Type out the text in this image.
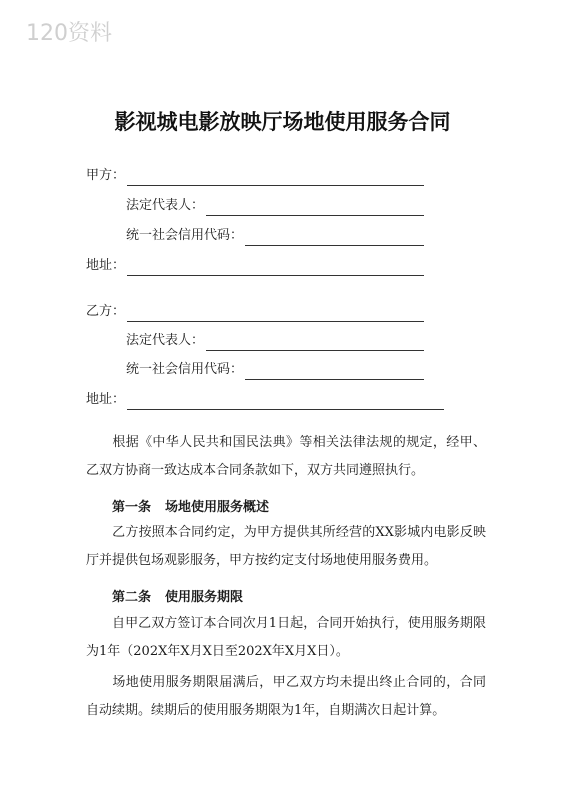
120资料
影视城电影放映厅场地使用服务合同
甲方：
法定代表人：
统一社会信用代码：
地址：
乙方：
法定代表人：
统一社会信用代码：
地址：
根据《中华人民共和国民法典》等相关法律法规的规定，经甲、乙双方协商一致达成本合同条款如下，双方共同遵照执行。
第一条 场地使用服务概述
乙方按照本合同约定，为甲方提供其所经营的XX影城内电影反映厅并提供包场观影服务，甲方按约定支付场地使用服务费用。
第二条 使用服务期限
自甲乙双方签订本合同次月1日起，合同开始执行，使用服务期限为1年（202X年X月X日至202X年X月X日）。
场地使用服务期限届满后，甲乙双方均未提出终止合同的，合同自动续期。续期后的使用服务期限为1年，自期满次日起计算。
